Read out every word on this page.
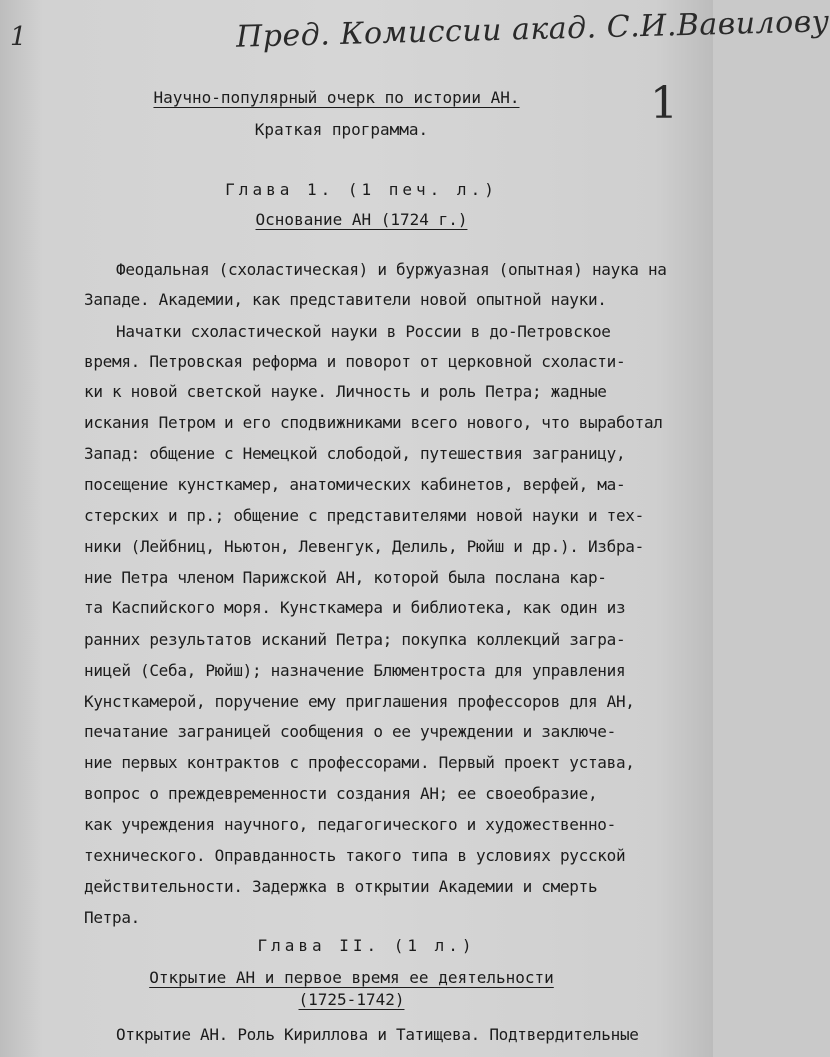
1	Пред. Комиссии акад. С.И.Вавилову
1
Научно-популярный очерк по истории АН.
Краткая программа.
Глава 1. (1 печ. л.)
Основание АН (1724 г.)
Феодальная (схоластическая) и буржуазная (опытная) наука на
Западе. Академии, как представители новой опытной науки.
Начатки схоластической науки в России в до-Петровское
время. Петровская реформа и поворот от церковной схоласти-
ки к новой светской науке. Личность и роль Петра; жадные
искания Петром и его сподвижниками всего нового, что выработал
Запад: общение с Немецкой слободой, путешествия заграницу,
посещение кунсткамер, анатомических кабинетов, верфей, ма-
стерских и пр.; общение с представителями новой науки и тех-
ники (Лейбниц, Ньютон, Левенгук, Делиль, Рюйш и др.). Избра-
ние Петра членом Парижской АН, которой была послана кар-
та Каспийского моря. Кунсткамера и библиотека, как один из
ранних результатов исканий Петра; покупка коллекций загра-
ницей (Себа, Рюйш); назначение Блюментроста для управления
Кунсткамерой, поручение ему приглашения профессоров для АН,
печатание заграницей сообщения о ее учреждении и заключе-
ние первых контрактов с профессорами. Первый проект устава,
вопрос о преждевременности создания АН; ее своеобразие,
как учреждения научного, педагогического и художественно-
технического. Оправданность такого типа в условиях русской
действительности. Задержка в открытии Академии и смерть
Петра.
Глава II. (1 л.)
Открытие АН и первое время ее деятельности
(1725-1742)
Открытие АН. Роль Кириллова и Татищева. Подтвердительные
